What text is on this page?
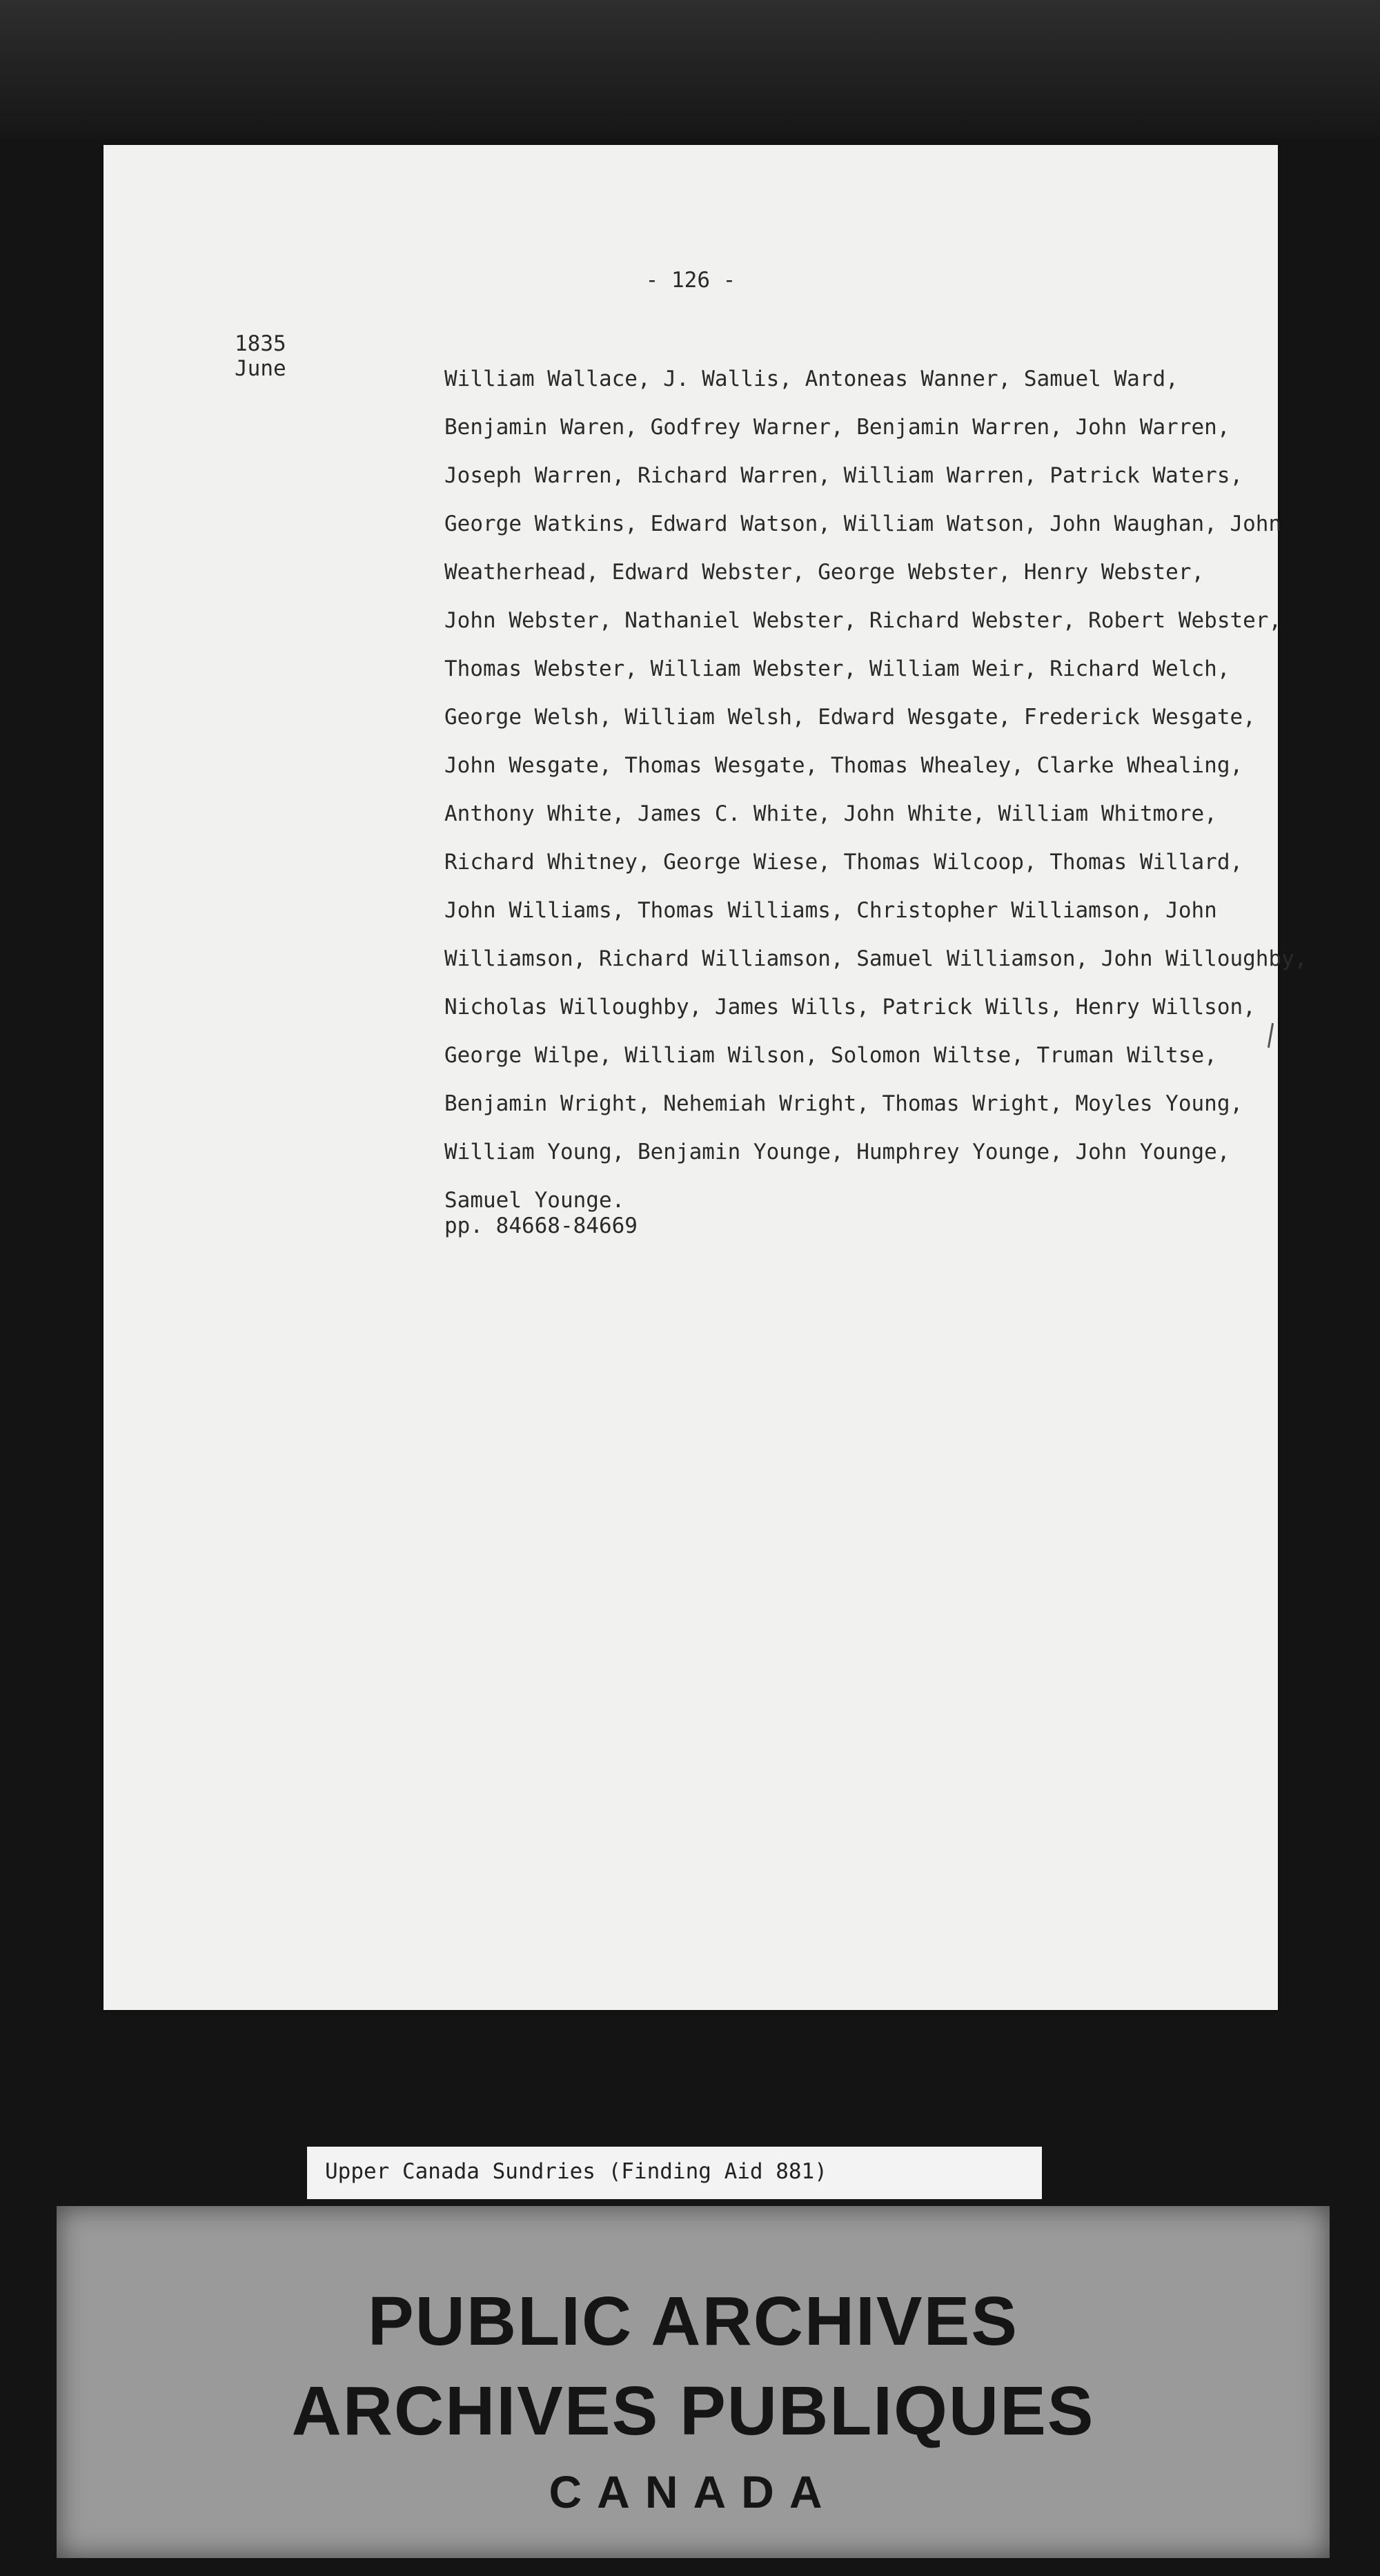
- 126 -
1835
June	William Wallace, J. Wallis, Antoneas Wanner, Samuel Ward,
Benjamin Waren, Godfrey Warner, Benjamin Warren, John Warren,
Joseph Warren, Richard Warren, William Warren, Patrick Waters,
George Watkins, Edward Watson, William Watson, John Waughan, John
Weatherhead, Edward Webster, George Webster, Henry Webster,
John Webster, Nathaniel Webster, Richard Webster, Robert Webster,
Thomas Webster, William Webster, William Weir, Richard Welch,
George Welsh, William Welsh, Edward Wesgate, Frederick Wesgate,
John Wesgate, Thomas Wesgate, Thomas Whealey, Clarke Whealing,
Anthony White, James C. White, John White, William Whitmore,
Richard Whitney, George Wiese, Thomas Wilcoop, Thomas Willard,
John Williams, Thomas Williams, Christopher Williamson, John
Williamson, Richard Williamson, Samuel Williamson, John Willoughby,
Nicholas Willoughby, James Wills, Patrick Wills, Henry Willson,
George Wilpe, William Wilson, Solomon Wiltse, Truman Wiltse,
Benjamin Wright, Nehemiah Wright, Thomas Wright, Moyles Young,
William Young, Benjamin Younge, Humphrey Younge, John Younge,
Samuel Younge.
pp. 84668-84669
Upper Canada Sundries (Finding Aid 881)
PUBLIC ARCHIVES
ARCHIVES PUBLIQUES
CANADA
